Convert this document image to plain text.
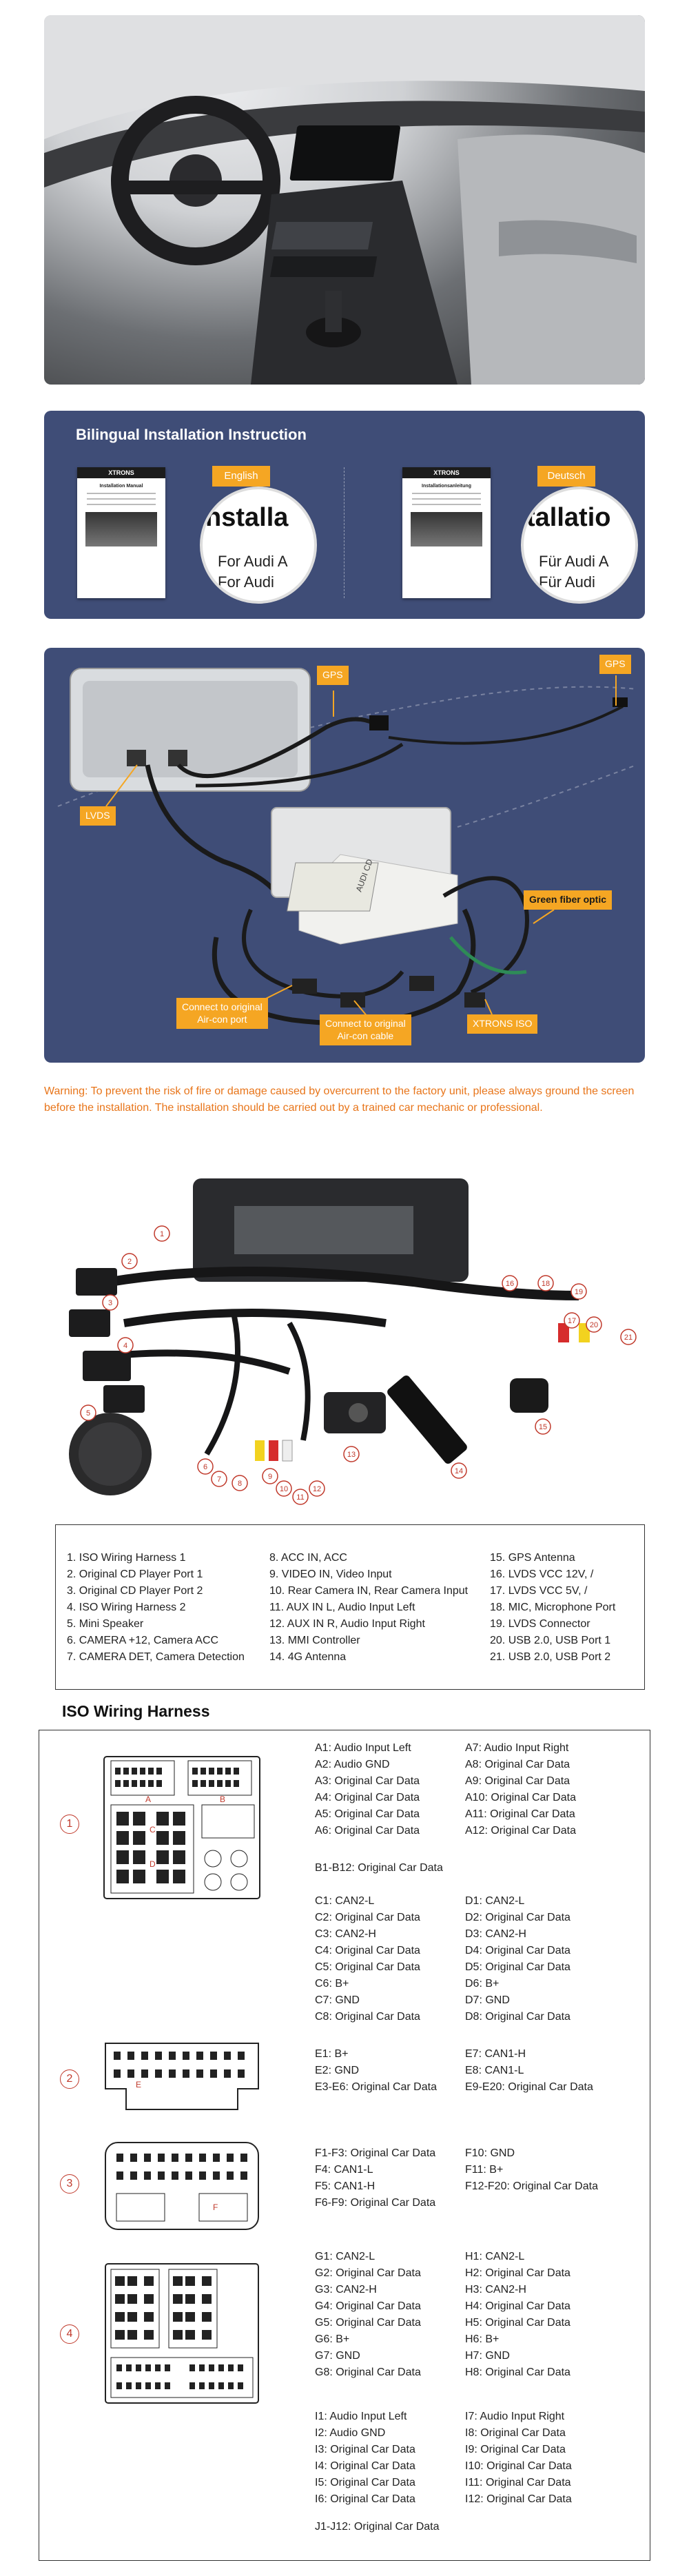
Bilingual Installation Instruction
XTRONS
Installation Manual
English
nstalla
For Audi A
For Audi
XTRONS
Installationsanleitung
Deutsch
tallatio
Für Audi A
Für Audi
AUDI CD
GPS
GPS
LVDS
Green fiber optic
Connect to original
Air-con port	Connect to original
Air-con cable
XTRONS ISO
Warning: To prevent the risk of fire or damage caused by overcurrent to the factory unit, please always ground the screen before the installation. The installation should be carried out by a trained car mechanic or professional.
1
2
3
4
5
6
7 8
9
10
11
12
13
14
15
16
17
18
19
20
21
1. ISO Wiring Harness 1
2. Original CD Player Port 1
3. Original CD Player Port 2
4. ISO Wiring Harness 2
5. Mini Speaker
6. CAMERA +12, Camera ACC
7. CAMERA DET, Camera Detection
8. ACC IN, ACC
9. VIDEO IN, Video Input
10. Rear Camera IN, Rear Camera Input
11. AUX IN L, Audio Input Left
12. AUX IN R, Audio Input Right
13. MMI Controller
14. 4G Antenna
15. GPS Antenna
16. LVDS VCC 12V, /
17. LVDS VCC 5V, /
18. MIC, Microphone Port
19. LVDS Connector
20. USB 2.0, USB Port 1
21. USB 2.0, USB Port 2
ISO Wiring Harness
1
A	B
C
D
A1: Audio Input Left
A2: Audio GND
A3: Original Car Data
A4: Original Car Data
A5: Original Car Data
A6: Original Car Data
A7: Audio Input Right
A8: Original Car Data
A9: Original Car Data
A10: Original Car Data
A11: Original Car Data
A12: Original Car Data
B1-B12: Original Car Data
C1: CAN2-L
C2: Original Car Data
C3: CAN2-H
C4: Original Car Data
C5: Original Car Data
C6: B+
C7: GND
C8: Original Car Data
D1: CAN2-L
D2: Original Car Data
D3: CAN2-H
D4: Original Car Data
D5: Original Car Data
D6: B+
D7: GND
D8: Original Car Data
2	E
E1: B+
E2: GND
E3-E6: Original Car Data
E7: CAN1-H
E8: CAN1-L
E9-E20: Original Car Data
3
F
F1-F3: Original Car Data
F4: CAN1-L
F5: CAN1-H
F6-F9: Original Car Data
F10: GND
F11: B+
F12-F20: Original Car Data
4
G1: CAN2-L
G2: Original Car Data
G3: CAN2-H
G4: Original Car Data
G5: Original Car Data
G6: B+
G7: GND
G8: Original Car Data
H1: CAN2-L
H2: Original Car Data
H3: CAN2-H
H4: Original Car Data
H5: Original Car Data
H6: B+
H7: GND
H8: Original Car Data
I1: Audio Input Left
I2: Audio GND
I3: Original Car Data
I4: Original Car Data
I5: Original Car Data
I6: Original Car Data
I7: Audio Input Right
I8: Original Car Data
I9: Original Car Data
I10: Original Car Data
I11: Original Car Data
I12: Original Car Data
J1-J12: Original Car Data
